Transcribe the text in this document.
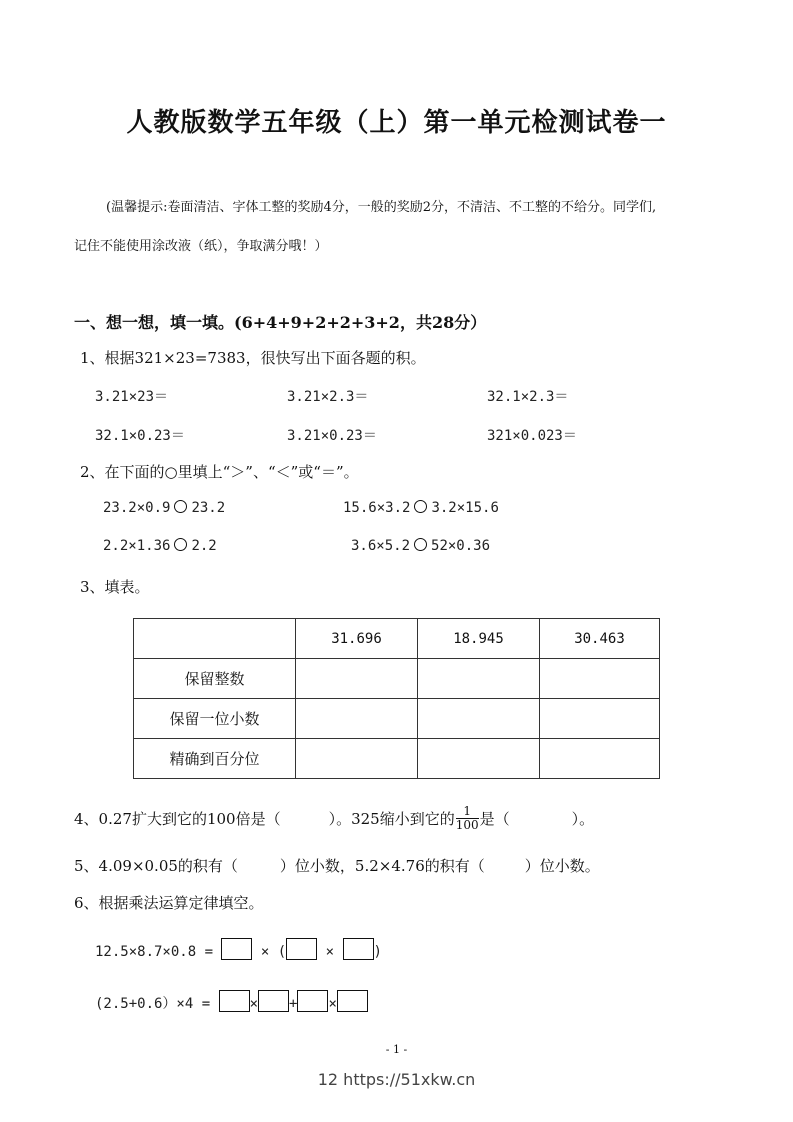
人教版数学五年级（上）第一单元检测试卷一
(温馨提示:卷面清洁、字体工整的奖励4分，一般的奖励2分，不清洁、不工整的不给分。同学们,
记住不能使用涂改液（纸），争取满分哦！）
一、想一想，填一填。(6+4+9+2+2+3+2，共28分）
1、根据321×23=7383，很快写出下面各题的积。
3.21×23＝	3.21×2.3＝	32.1×2.3＝
32.1×0.23＝	3.21×0.23＝	321×0.023＝
2、在下面的○里填上“＞”、“＜”或“＝”。
23.2×0.9 23.2	15.6×3.2 3.2×15.6
2.2×1.36 2.2	3.6×5.2 52×0.36
3、填表。
	31.696	18.945	30.463
保留整数			
保留一位小数			
精确到百分位			
4、0.27扩大到它的100倍是（	）。325缩小到它的 $\frac{1}{100}$ 是（	）。
5、4.09×0.05的积有（	）位小数，5.2×4.76的积有（	）位小数。
6、根据乘法运算定律填空。
12.5×8.7×0.8 =	× (	×	)
(2.5+0.6）×4 =	× + ×
- 1 -
12 https://51xkw.cn
